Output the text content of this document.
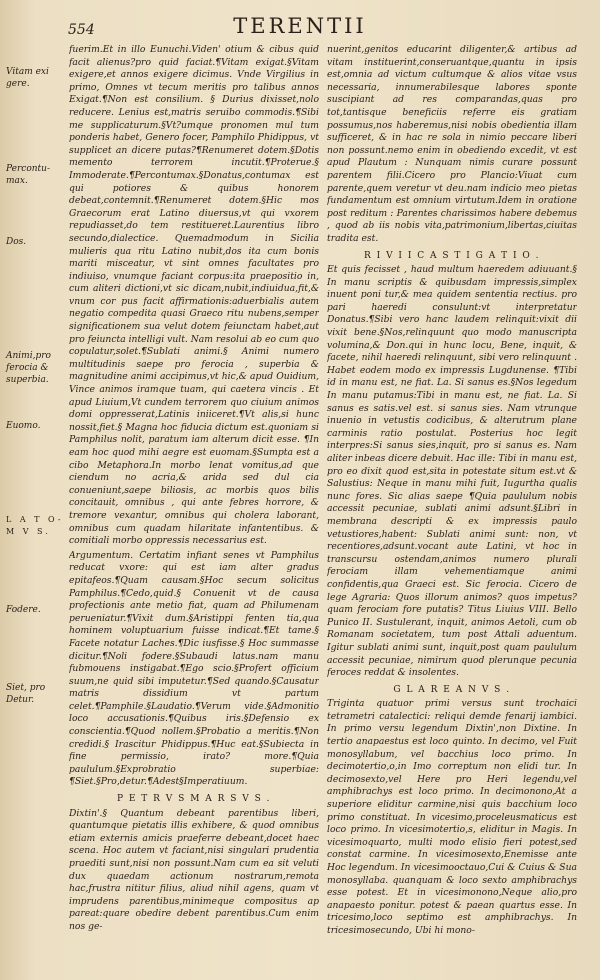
554	TERENTII
Vitam exi gere.
Percontu- max.
Dos.
Animi,pro ferocia & superbia.
Euomo.
L A T O- M V S.
Fodere.
Siet, pro Detur.

fuerim.Et in illo Eunuchi.Viden' otium & cibus quid facit alienus?pro quid faciat.¶Vitam exigat.§Vitam exigere,et annos exigere dicimus. Vnde Virgilius in primo, Omnes vt tecum meritis pro talibus annos Exigat.¶Non est consilium. § Durius dixisset,nolo reducere. Lenius est,matris seruibo commodis.¶Sibi me supplicaturum.§Vt?umque pronomen mul tum ponderis habet, Genero focer, Pamphilo Phidippus, vt supplicet an dicere putas?¶Renumeret dotem.§Dotis memento terrorem incutit.¶Proterue.§ Immoderate.¶Percontumax.§Donatus,contumax est qui potiores & quibus honorem debeat,contemnit.¶Renumeret dotem.§Hic mos Graecorum erat Latino diuersus,vt qui vxorem repudiasset,do tem restitueret.Laurentius libro secundo,dialectice. Quemadmodum in Sicilia mulieris qua ritu Latino nubit,dos ita cum bonis mariti misceatur, vt sint omnes facultates pro indiuiso, vnumque faciant corpus:ita praepositio in, cum aliteri dictioni,vt sic dicam,nubit,indiuidua,fit,& vnum cor pus facit affirmationis:aduerbialis autem negatio compedita quasi Graeco ritu nubens,semper significationem sua velut dotem feiunctam habet,aut pro feiuncta intelligi vult. Nam resolui ab eo cum quo copulatur,solet.¶Sublati animi.§ Animi numero multitudinis saepe pro ferocia , superbia & magnitudine animi accipimus,vt hic,& apud Ouidium, Vince animos iramque tuam, qui caetera vincis . Et apud Liuium,Vt cundem terrorem quo ciuium animos domi oppresserat,Latinis iniiceret.¶Vt alis,si hunc nossit,fiet.§ Magna hoc fiducia dictum est.quoniam si Pamphilus nolit, paratum iam alterum dicit esse. ¶In eam hoc quod mihi aegre est euomam.§Sumpta est a cibo Metaphora.In morbo lenat vomitus,ad que ciendum no acria,& arida sed dul cia conueniunt,saepe biliosis, ac morbis quos bilis concitauit, omnibus , qui ante febres horrore, & tremore vexantur, omnibus qui cholera laborant, omnibus cum quadam hilaritate infantentibus. & comitiali morbo oppressis necessarius est.

Argumentum. Certatim infiant senes vt Pamphilus reducat vxore: qui est iam alter gradus epitafeos.¶Quam causam.§Hoc secum solicitus Pamphilus.¶Cedo,quid.§ Conuenit vt de causa profectionis ante metio fiat, quam ad Philumenam perueniatur.¶Vixit dum.§Aristippi fenten tia,qua hominem voluptuarium fuisse indicat.¶Et tame.§ Facete notatur Laches.¶Dic iusfisse.§ Hoc summasse dicitur.¶Noli fodere.§Subaudi latus.nam manu fubmouens instigabat.¶Ego scio.§Profert officium suum,ne quid sibi imputetur.¶Sed quando.§Causatur matris dissidium vt partum celet.¶Pamphile.§Laudatio.¶Verum vide.§Admonitio loco accusationis.¶Quibus iris.§Defensio ex conscientia.¶Quod nollem.§Probatio a meritis.¶Non credidi.§ Irascitur Phidippus.¶Huc eat.§Subiecta in fine permissio, irato? more.¶Quia paululum.§Exprobratio superbiae: ¶Siet.§Pro,detur.¶Adest§Imperatiuum.

P E T R V S M A R S V S .

Dixtin'.§ Quantum debeant parentibus liberi, quantumque pietatis illis exhibere, & quod omnibus etiam externis amicis praeferre debeant,docet haec scena. Hoc autem vt faciant,nisi singulari prudentia praediti sunt,nisi non possunt.Nam cum ea sit veluti dux quaedam actionum nostrarum,remota hac,frustra nititur filius, aliud nihil agens, quam vt imprudens parentibus,minimeque compositus ap pareat:quare obedire debent parentibus.Cum enim nos ge-

nuerint,genitos educarint diligenter,& artibus ad vitam instituerint,conseruantque,quantu in ipsis est,omnia ad victum cultumque & alios vitae vsus necessaria, innumerabilesque labores sponte suscipiant ad res comparandas,quas pro tot,tantisque beneficiis referre eis gratiam possumus,nos haberemus,nisi nobis obedientia illam sufficeret, & in hac re sola in nimio peccare liberi non possunt.nemo enim in obediendo excedit, vt est apud Plautum : Nunquam nimis curare possunt parentem filii.Cicero pro Plancio:Viuat cum parente,quem veretur vt deu.nam indicio meo pietas fundamentum est omnium virtutum.Idem in oratione post reditum : Parentes charissimos habere debemus , quod ab iis nobis vita,patrimonium,libertas,ciuitas tradita est.

R I V I I C A S T I G A T I O .

Et quis fecisset , haud multum haeredem adiuuant.§ In manu scriptis & quibusdam impressis,simplex inuent poni tur,& mea quidem sententia rectius. pro pari haeredi consulunt:vt interpretatur Donatus.¶Sibi vero hanc laudem relinquit:vixit dii vixit bene.§Nos,relinquunt quo modo manuscripta volumina,& Don.qui in hunc locu, Bene, inquit, & facete, nihil haeredi relinquunt, sibi vero relinquunt . Habet eodem modo ex impressis Lugdunense. ¶Tibi id in manu est, ne fiat. La. Si sanus es.§Nos legedum In manu putamus:Tibi in manu est, ne fiat. La. Si sanus es satis.vel est. si sanus sies. Nam vtrunque inuenio in vetustis codicibus, & alterutrum plane carminis ratio postulat. Posterius hoc legit interpres:Si sanus sies,inquit, pro si sanus es. Nam aliter inbeas dicere debuit. Hac ille: Tibi in manu est, pro eo dixit quod est,sita in potestate situm est.vt & Salustius: Neque in manu mihi fuit, Iugurtha qualis nunc fores. Sic alias saepe ¶Quia paululum nobis accessit pecuniae, sublati animi adsunt.§Libri in membrana descripti & ex impressis paulo vetustiores,habent: Sublati animi sunt: non, vt recentiores,adsunt.vocant aute Latini, vt hoc in transcursu ostendam,animos numero plurali ferociam illam vehementiamque animi confidentis,qua Graeci est. Sic ferocia. Cicero de lege Agraria: Quos illorum animos? quos impetus? quam ferociam fore putatis? Titus Liuius VIII. Bello Punico II. Sustulerant, inquit, animos Aetoli, cum ob Romanam societatem, tum post Attali aduentum. Igitur sublati animi sunt, inquit,post quam paululum accessit pecuniae, nimirum quod plerunque pecunia feroces reddat & insolentes.

G L A R E A N V S .

Triginta quatuor primi versus sunt trochaici tetrametri catalectici: reliqui demde fenarij iambici. In primo versu legendum Dixtin',non Dixtine. In tertio anapaestus est loco quinto. In decimo, vel Fuit monosyllabum, vel bacchius loco primo. In decimotertio,o,in Imo correptum non elidi tur. In decimosexto,vel Here pro Heri legendu,vel amphibrachys est loco primo. In decimonono,At a superiore eliditur carmine,nisi quis bacchium loco primo constituat. In vicesimo,proceleusmaticus est loco primo. In vicesimotertio,s, eliditur in Magis. In vicesimoquarto, multi modo elisio fieri potest,sed constat carmine. In vicesimosexto,Enemisse ante Hoc legendum. In vicesimooctauo,Cui & Cuius & Sua monosyllaba. quanquam & loco sexto amphibrachys esse potest. Et in vicesimonono,Neque alio,pro anapaesto ponitur. potest & paean quartus esse. In tricesimo,loco septimo est amphibrachys. In tricesimosecundo, Ubi hi mono-
